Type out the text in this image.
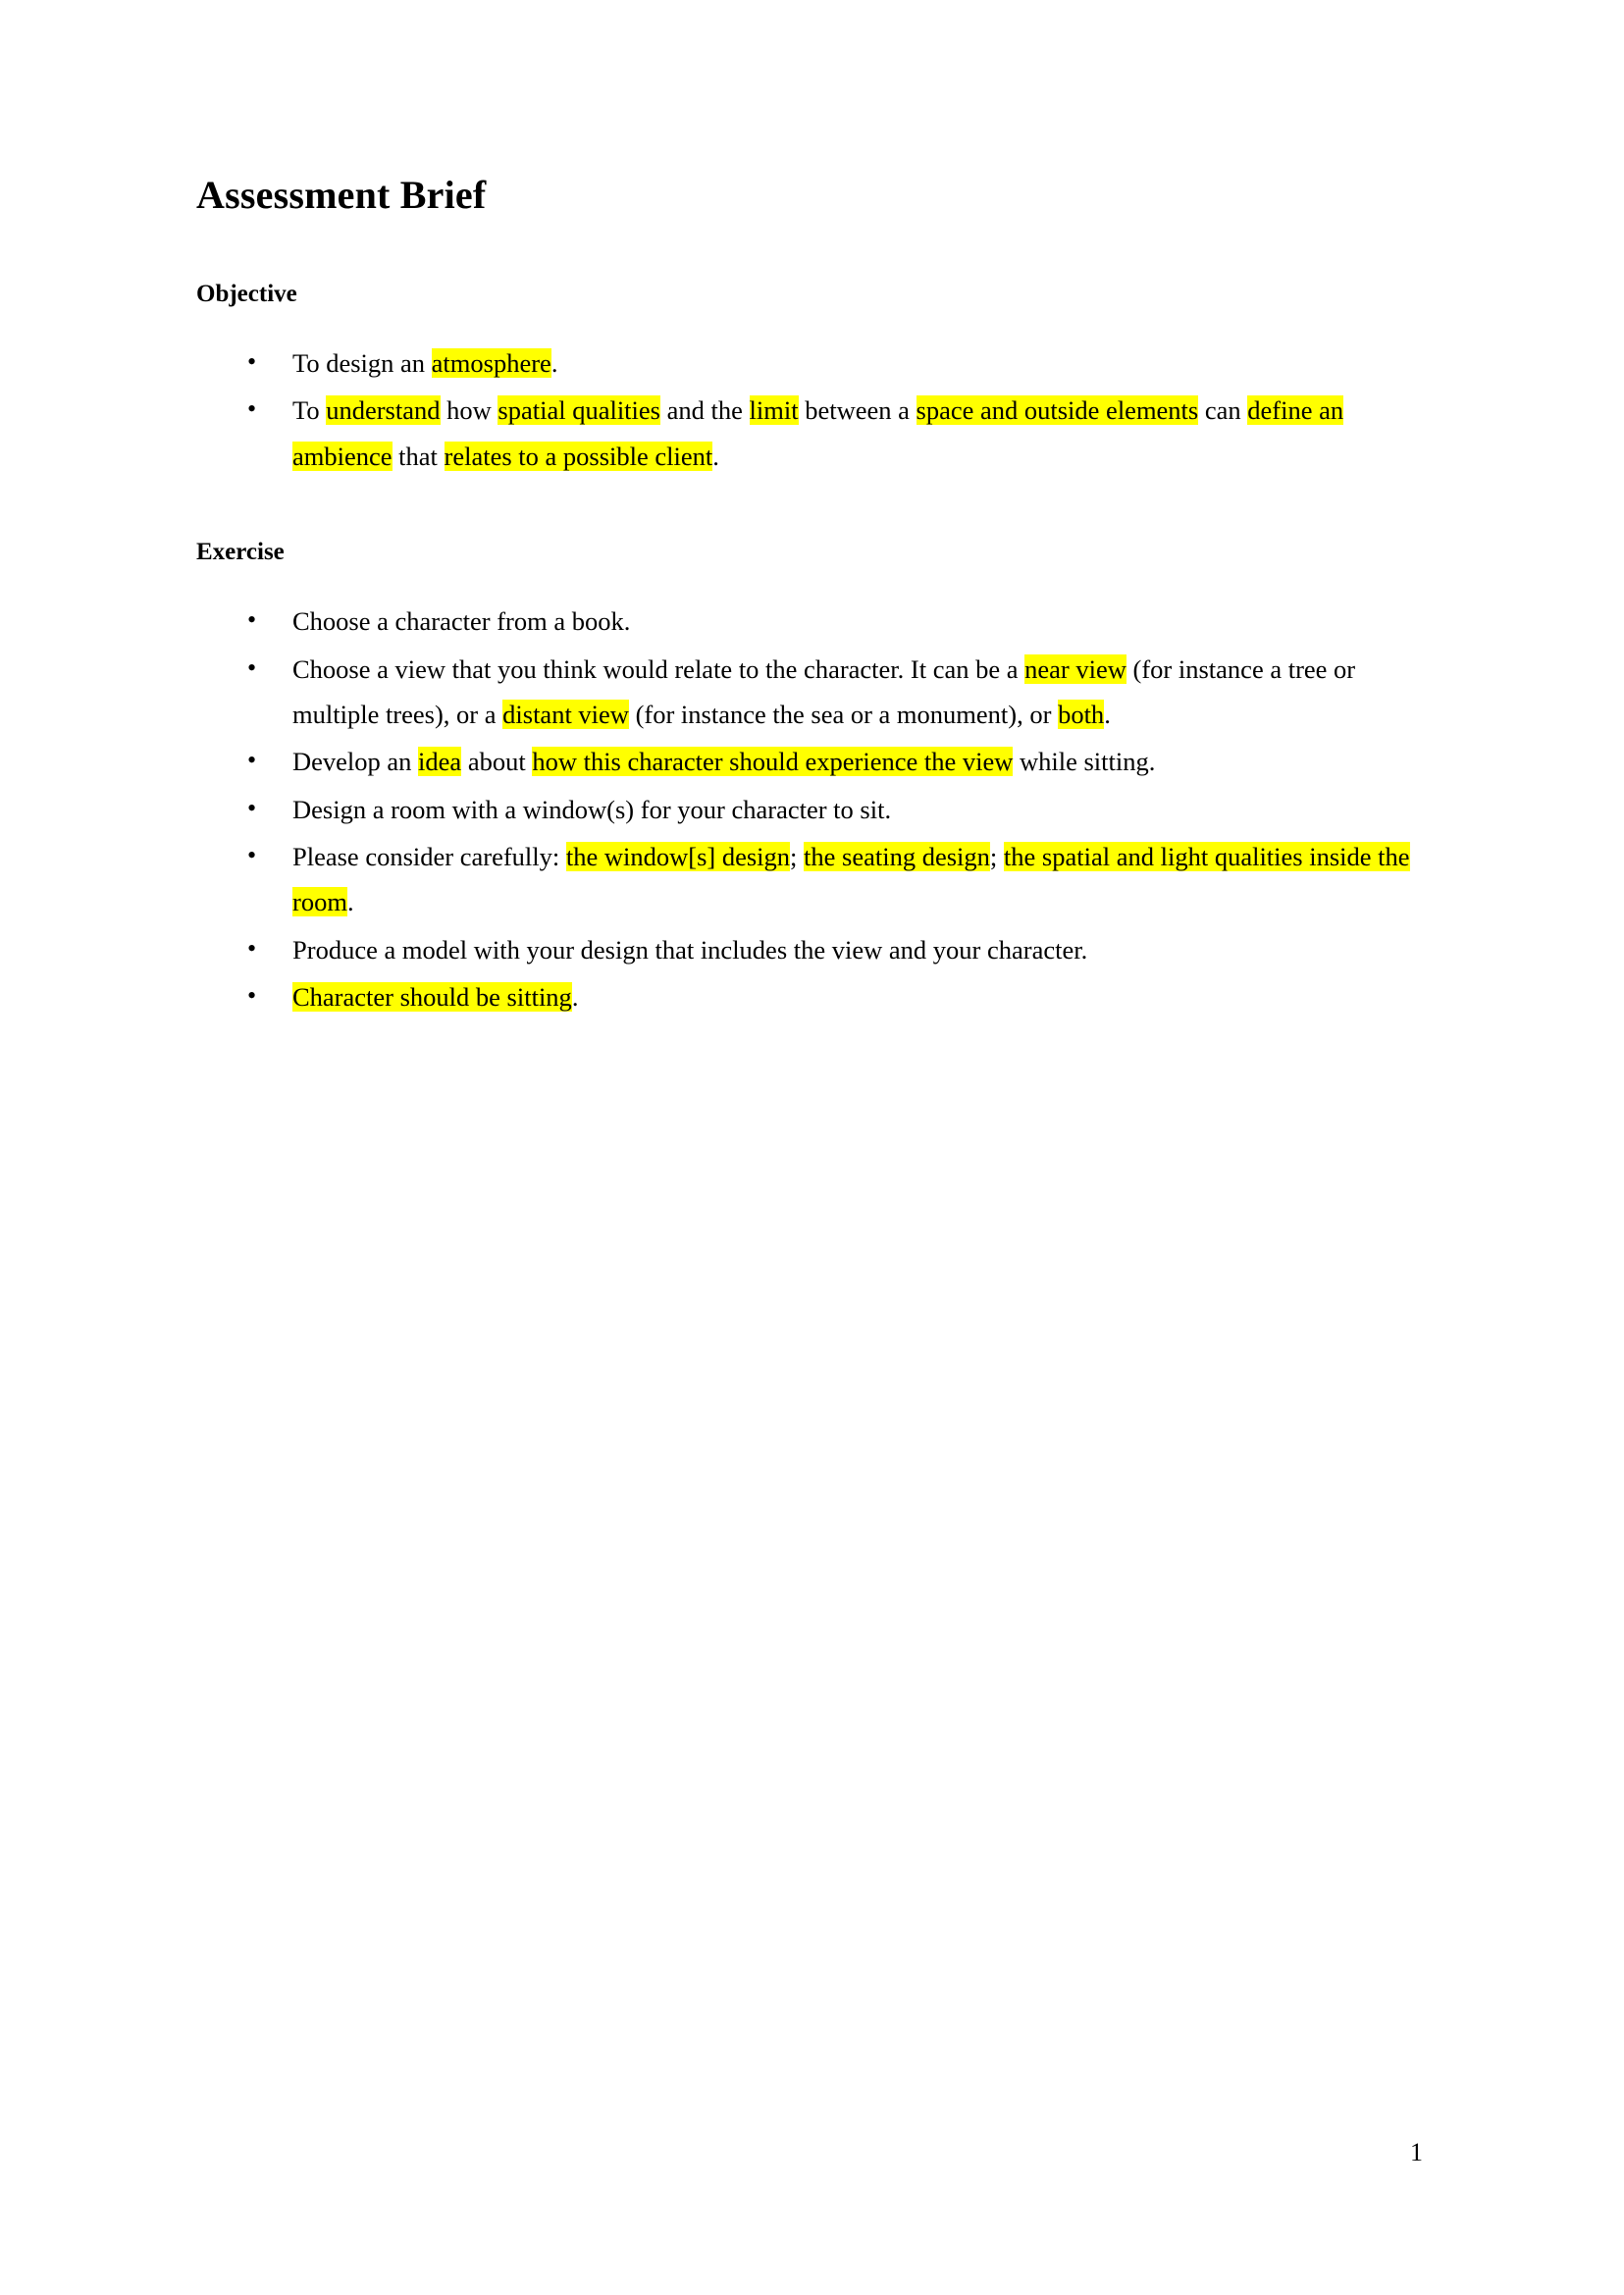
Assessment Brief
Objective
• To design an atmosphere.
• To understand how spatial qualities and the limit between a space and outside elements can define an ambience that relates to a possible client.
Exercise
• Choose a character from a book.
• Choose a view that you think would relate to the character. It can be a near view (for instance a tree or multiple trees), or a distant view (for instance the sea or a monument), or both.
• Develop an idea about how this character should experience the view while sitting.
• Design a room with a window(s) for your character to sit.
• Please consider carefully: the window[s] design; the seating design; the spatial and light qualities inside the room.
• Produce a model with your design that includes the view and your character.
• Character should be sitting.
1
